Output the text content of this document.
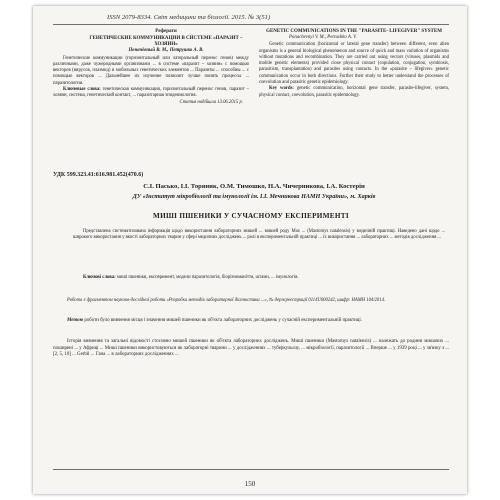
ISSN 2079-8334. Світ медицини та біології. 2015. № 3(51)
Реферати
ГЕНЕТИЧЕСКИЕ КОММУНИКАЦИИ В СИСТЕМЕ «ПАРАЗИТ – ХОЗЯИН»
Поначёвный В. М., Петрушко А. В.
Генетические коммуникации (горизонтальный или латеральный перенос генов) между различными, даже чужеродными организмами ... в системе «паразит – хозяин» с помощью векторов (вирусов, плазмид) и мобильных генетических элементов ... Паразиты ... способны ... с помощью векторов ... Дальнейшее их изучение позволит лучше понять процессы ... паразитологии.
Ключевые слова: генетическая коммуникация, горизонтальный перенос генов, паразит – хозяин, система, генетический контакт, ... паразитарная эпидемиология.
Статья надійшла 13.06.2015 р.
GENETIC COMMUNICATIONS IN THE "PARASITE- LIFEGIVER" SYSTEM
Ponachevnyi V. M., Petrushko A. V.
Genetic communication (horizontal or lateral gene transfer) between different, even alien organisms is a general biological phenomenon and source of quick and mass variation of organisms without mutations and recombination. They are carried out using vectors (viruses, plasmids and mobile genetic elements) provided close physical contact (copulation, conjugation, symbiosis, parasitism, transplantation) and parasites using contacts. In the «parasite – lifegiver» genetic communication occur in both directions. Further their study to better understand the processes of coevolution and parasitic genetic epidemiology.
Key words: genetic communication, horizontal gene transfer, parasite-lifegiver, system, physical contact, coevolution, parasitic epidemiology.
УДК 599.323.41:616.981.452(470.6)
С.І. Пасько, І.І. Торяник, О.М. Тимошко, Н.А. Чичерникова, І.А. Костерін
ДУ «Інститут мікробіології та імунології ім. І.І. Мечникова НАМН України», м. Харків
МИШІ ПШЕНИКИ У СУЧАСНОМУ ЕКСПЕРИМЕНТІ
Представлена систематизована інформація щодо використання лабораторних мишей ... мишей роду Mus ... (Mastomys natalensis) у медичній практиці. Наведено дані щодо ... широкого використання у якості лабораторних тварин у сфері медичних досліджень ... ролі в експериментальній практиці ... їх використання ... лабораторних ... методів дослідження ...
Ключові слова: миші пшеники, експеримент, модели паразитологія, біорізноманіття, штами, ... імунологія.
Робота є фрагментом науково-дослідної роботи «Розробка методів лабораторної діагностики ...», № держреєстрації 0114U000242, шифр: НАМН 104/2014.
Метою роботи було вивчення місця і значення мишей пшеники як об'єкта лабораторних досліджень у сучасній експериментальній практиці.
Історія вивчення та загальні відомості стосовно мишей пшеники як об'єкта лабораторних досліджень. Миші пшеники (Mastomys natalensis) ... належать до родини мишачих ... поширені ... у Африці ... Миші пшеники використовуються як лабораторні тварини ... у дослідженнях ... туберкульозу, ... мікробіології, паразитології ... Вперше ... у 1939 році ... у зв'язку з ... [2, 5, 10] ... Gerbil ... Гана ... в лабораторних дослідженнях ...
150
